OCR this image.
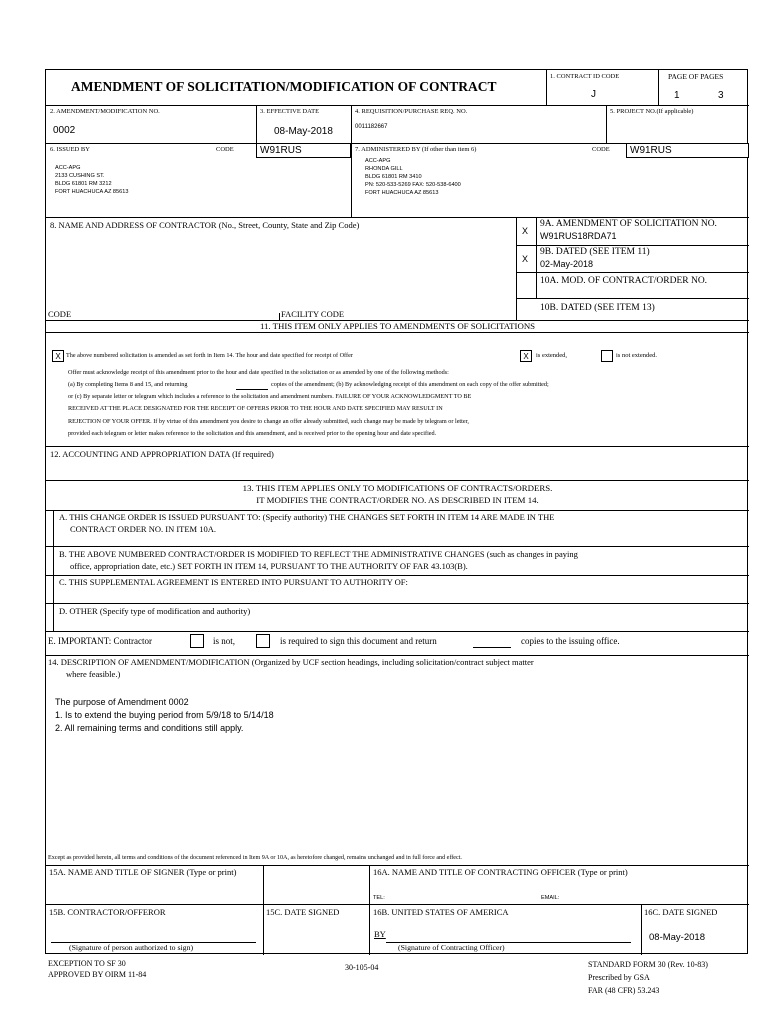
AMENDMENT OF SOLICITATION/MODIFICATION OF CONTRACT
1. CONTRACT ID CODE
J
PAGE OF PAGES
1	3
2. AMENDMENT/MODIFICATION NO.
0002
3. EFFECTIVE DATE
08-May-2018
4. REQUISITION/PURCHASE REQ. NO.
0011182667
5. PROJECT NO.(If applicable)
6. ISSUED BY	CODE	W91RUS
ACC-APG
2133 CUSHING ST.
BLDG 61801 RM 3212
FORT HUACHUCA AZ 85613
7. ADMINISTERED BY (If other than item 6)	CODE W91RUS
ACC-APG
RHONDA GILL
BLDG 61801 RM 3410
PN: 520-533-5269 FAX: 520-538-6400
FORT HUACHUCA AZ 85613
8. NAME AND ADDRESS OF CONTRACTOR (No., Street, County, State and Zip Code)
CODE	FACILITY CODE
X
9A. AMENDMENT OF SOLICITATION NO.
W91RUS18RDA71
X
9B. DATED (SEE ITEM 11)
02-May-2018
10A. MOD. OF CONTRACT/ORDER NO.
10B. DATED (SEE ITEM 13)
11. THIS ITEM ONLY APPLIES TO AMENDMENTS OF SOLICITATIONS
X The above numbered solicitation is amended as set forth in Item 14. The hour and date specified for receipt of Offer	X	is extended,	is not extended.
Offer must acknowledge receipt of this amendment prior to the hour and date specified in the solicitation or as amended by one of the following methods:
(a) By completing Items 8 and 15, and returning	copies of the amendment; (b) By acknowledging receipt of this amendment on each copy of the offer submitted;
or (c) By separate letter or telegram which includes a reference to the solicitation and amendment numbers. FAILURE OF YOUR ACKNOWLEDGMENT TO BE
RECEIVED AT THE PLACE DESIGNATED FOR THE RECEIPT OF OFFERS PRIOR TO THE HOUR AND DATE SPECIFIED MAY RESULT IN
REJECTION OF YOUR OFFER. If by virtue of this amendment you desire to change an offer already submitted, such change may be made by telegram or letter,
provided each telegram or letter makes reference to the solicitation and this amendment, and is received prior to the opening hour and date specified.
12. ACCOUNTING AND APPROPRIATION DATA (If required)
13. THIS ITEM APPLIES ONLY TO MODIFICATIONS OF CONTRACTS/ORDERS.
IT MODIFIES THE CONTRACT/ORDER NO. AS DESCRIBED IN ITEM 14.
A. THIS CHANGE ORDER IS ISSUED PURSUANT TO: (Specify authority) THE CHANGES SET FORTH IN ITEM 14 ARE MADE IN THE
CONTRACT ORDER NO. IN ITEM 10A.
B. THE ABOVE NUMBERED CONTRACT/ORDER IS MODIFIED TO REFLECT THE ADMINISTRATIVE CHANGES (such as changes in paying
office, appropriation date, etc.) SET FORTH IN ITEM 14, PURSUANT TO THE AUTHORITY OF FAR 43.103(B).
C. THIS SUPPLEMENTAL AGREEMENT IS ENTERED INTO PURSUANT TO AUTHORITY OF:
D. OTHER (Specify type of modification and authority)
E. IMPORTANT: Contractor	is not,	is required to sign this document and return	copies to the issuing office.
14. DESCRIPTION OF AMENDMENT/MODIFICATION (Organized by UCF section headings, including solicitation/contract subject matter
where feasible.)
The purpose of Amendment 0002
1. Is to extend the buying period from 5/9/18 to 5/14/18
2. All remaining terms and conditions still apply.
Except as provided herein, all terms and conditions of the document referenced in Item 9A or 10A, as heretofore changed, remains unchanged and in full force and effect.
15A. NAME AND TITLE OF SIGNER (Type or print)	16A. NAME AND TITLE OF CONTRACTING OFFICER (Type or print)
TEL:	EMAIL:
15B. CONTRACTOR/OFFEROR
(Signature of person authorized to sign)
15C. DATE SIGNED	16B. UNITED STATES OF AMERICA
BY
(Signature of Contracting Officer)
16C. DATE SIGNED
08-May-2018
EXCEPTION TO SF 30
APPROVED BY OIRM 11-84
30-105-04	STANDARD FORM 30 (Rev. 10-83)
Prescribed by GSA
FAR (48 CFR) 53.243
